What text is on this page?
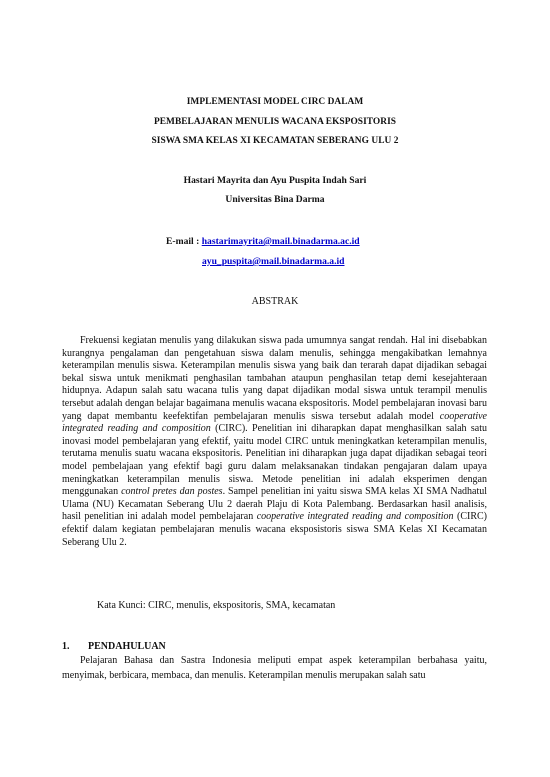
IMPLEMENTASI MODEL CIRC DALAM
PEMBELAJARAN MENULIS WACANA EKSPOSITORIS
SISWA SMA KELAS XI KECAMATAN SEBERANG ULU 2
Hastari Mayrita dan Ayu Puspita Indah Sari
Universitas Bina Darma
E-mail : hastarimayrita@mail.binadarma.ac.id
ayu_puspita@mail.binadarma.a.id
ABSTRAK

Frekuensi kegiatan menulis yang dilakukan siswa pada umumnya sangat rendah. Hal ini disebabkan kurangnya pengalaman dan pengetahuan siswa dalam menulis, sehingga mengakibatkan lemahnya keterampilan menulis siswa. Keterampilan menulis siswa yang baik dan terarah dapat dijadikan sebagai bekal siswa untuk menikmati penghasilan tambahan ataupun penghasilan tetap demi kesejahteraan hidupnya. Adapun salah satu wacana tulis yang dapat dijadikan modal siswa untuk terampil menulis tersebut adalah dengan belajar bagaimana menulis wacana ekspositoris. Model pembelajaran inovasi baru yang dapat membantu keefektifan pembelajaran menulis siswa tersebut adalah model cooperative integrated reading and composition (CIRC). Penelitian ini diharapkan dapat menghasilkan salah satu inovasi model pembelajaran yang efektif, yaitu model CIRC untuk meningkatkan keterampilan menulis, terutama menulis suatu wacana ekspositoris. Penelitian ini diharapkan juga dapat dijadikan sebagai teori model pembelajaan yang efektif bagi guru dalam melaksanakan tindakan pengajaran dalam upaya meningkatkan keterampilan menulis siswa. Metode penelitian ini adalah eksperimen dengan menggunakan control pretes dan postes. Sampel penelitian ini yaitu siswa SMA kelas XI SMA Nadhatul Ulama (NU) Kecamatan Seberang Ulu 2 daerah Plaju di Kota Palembang. Berdasarkan hasil analisis, hasil penelitian ini adalah model pembelajaran cooperative integrated reading and composition (CIRC) efektif dalam kegiatan pembelajaran menulis wacana eksposistoris siswa SMA Kelas XI Kecamatan Seberang Ulu 2.

Kata Kunci: CIRC, menulis, ekspositoris, SMA, kecamatan
1. PENDAHULUAN
Pelajaran Bahasa dan Sastra Indonesia meliputi empat aspek keterampilan berbahasa yaitu, menyimak, berbicara, membaca, dan menulis. Keterampilan menulis merupakan salah satu
